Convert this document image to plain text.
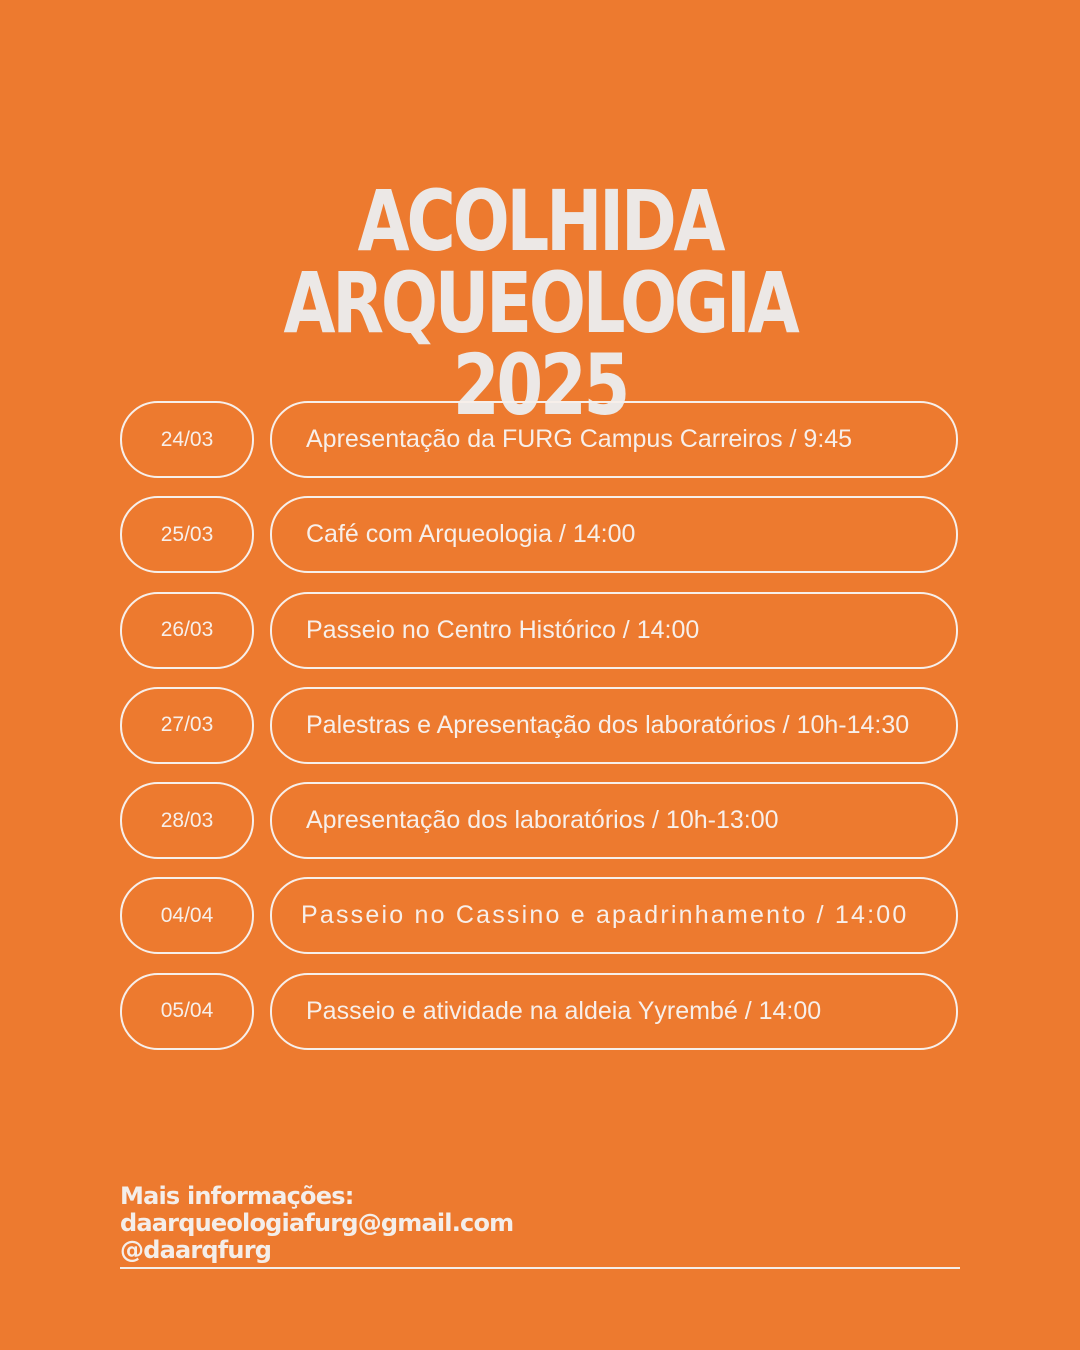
ACOLHIDA ARQUEOLOGIA
2025
24/03	Apresentação da FURG Campus Carreiros / 9:45
25/03	Café com Arqueologia / 14:00
26/03	Passeio no Centro Histórico / 14:00
27/03	Palestras e Apresentação dos laboratórios / 10h-14:30
28/03	Apresentação dos laboratórios / 10h-13:00
04/04	Passeio no Cassino e apadrinhamento / 14:00
05/04	Passeio e atividade na aldeia Yyrembé / 14:00
Mais informações:
daarqueologiafurg@gmail.com
@daarqfurg
